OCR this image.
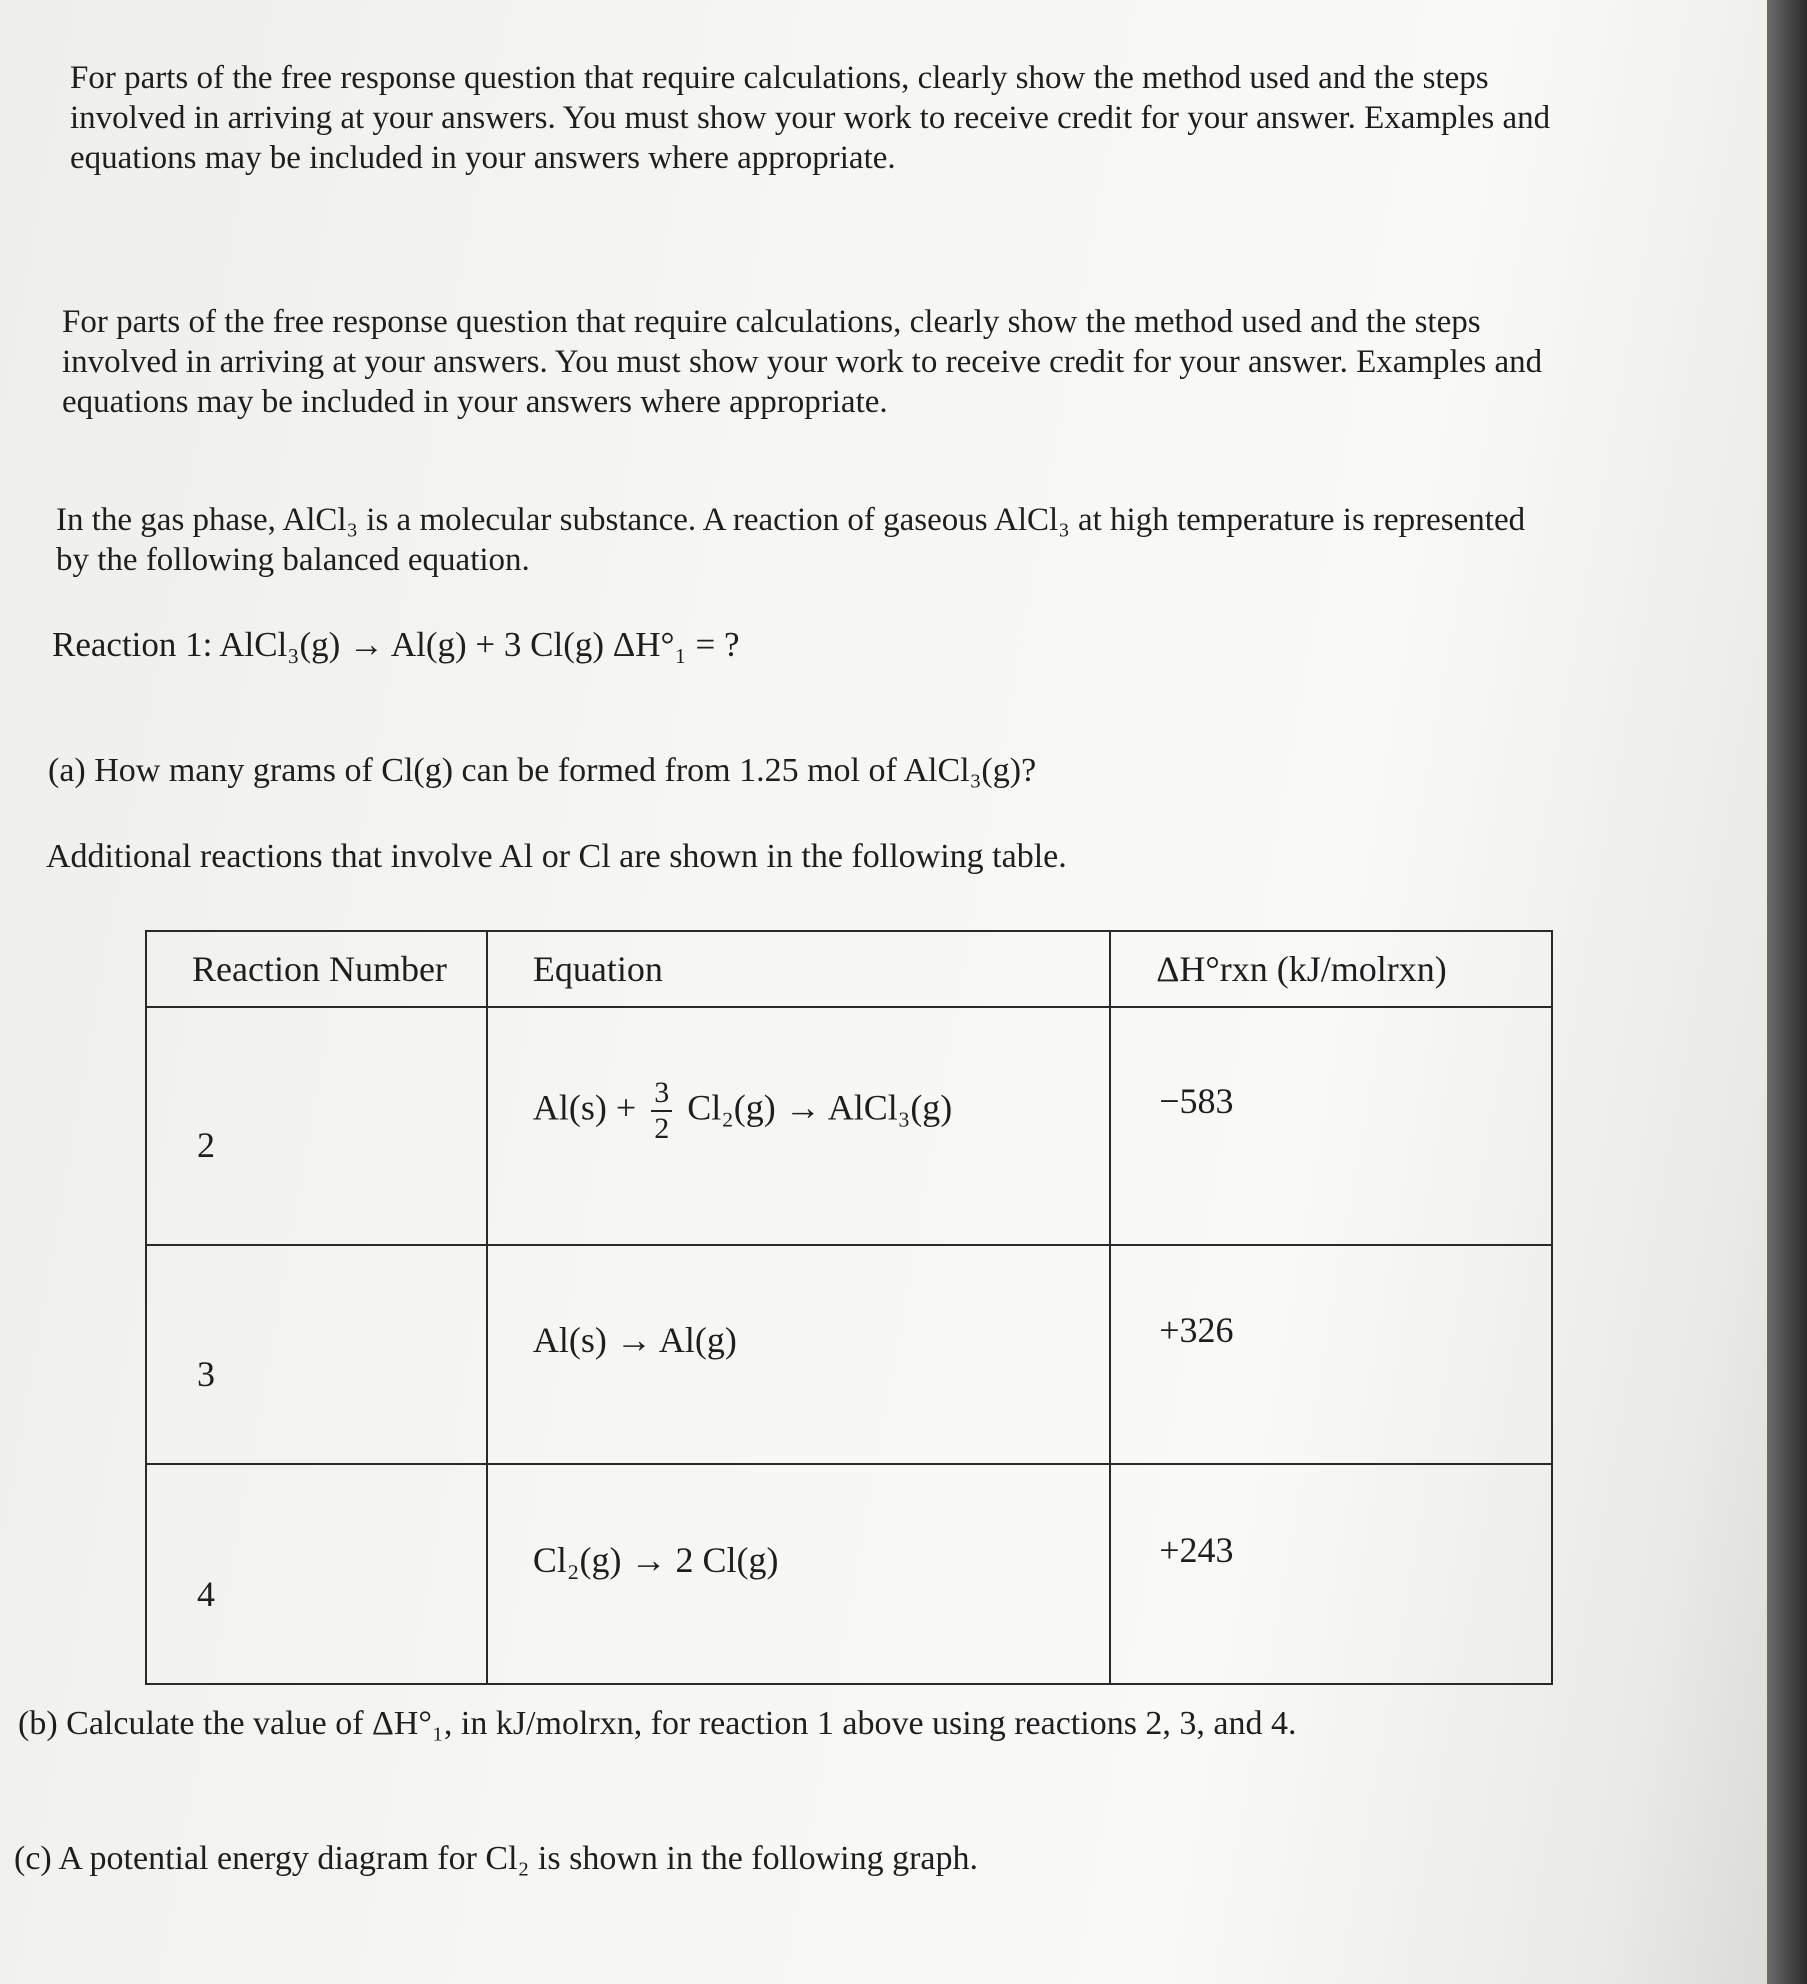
For parts of the free response question that require calculations, clearly show the method used and the steps
involved in arriving at your answers. You must show your work to receive credit for your answer. Examples and
equations may be included in your answers where appropriate.
For parts of the free response question that require calculations, clearly show the method used and the steps
involved in arriving at your answers. You must show your work to receive credit for your answer. Examples and
equations may be included in your answers where appropriate.
In the gas phase, AlCl₃ is a molecular substance. A reaction of gaseous AlCl₃ at high temperature is represented
by the following balanced equation.
Reaction 1: AlCl₃(g) → Al(g) + 3 Cl(g) ΔH°₁ = ?
(a) How many grams of Cl(g) can be formed from 1.25 mol of AlCl₃(g)?
Additional reactions that involve Al or Cl are shown in the following table.
Reaction Number	Equation	ΔH°rxn (kJ/molrxn)
2	$Al(s) + \frac{3}{2} Cl_2(g)$ → AlCl₃(g)	−583
3	Al(s) → Al(g)	+326
4	Cl₂(g) → 2 Cl(g)	+243
(b) Calculate the value of ΔH°₁, in kJ/molrxn, for reaction 1 above using reactions 2, 3, and 4.
(c) A potential energy diagram for Cl₂ is shown in the following graph.
